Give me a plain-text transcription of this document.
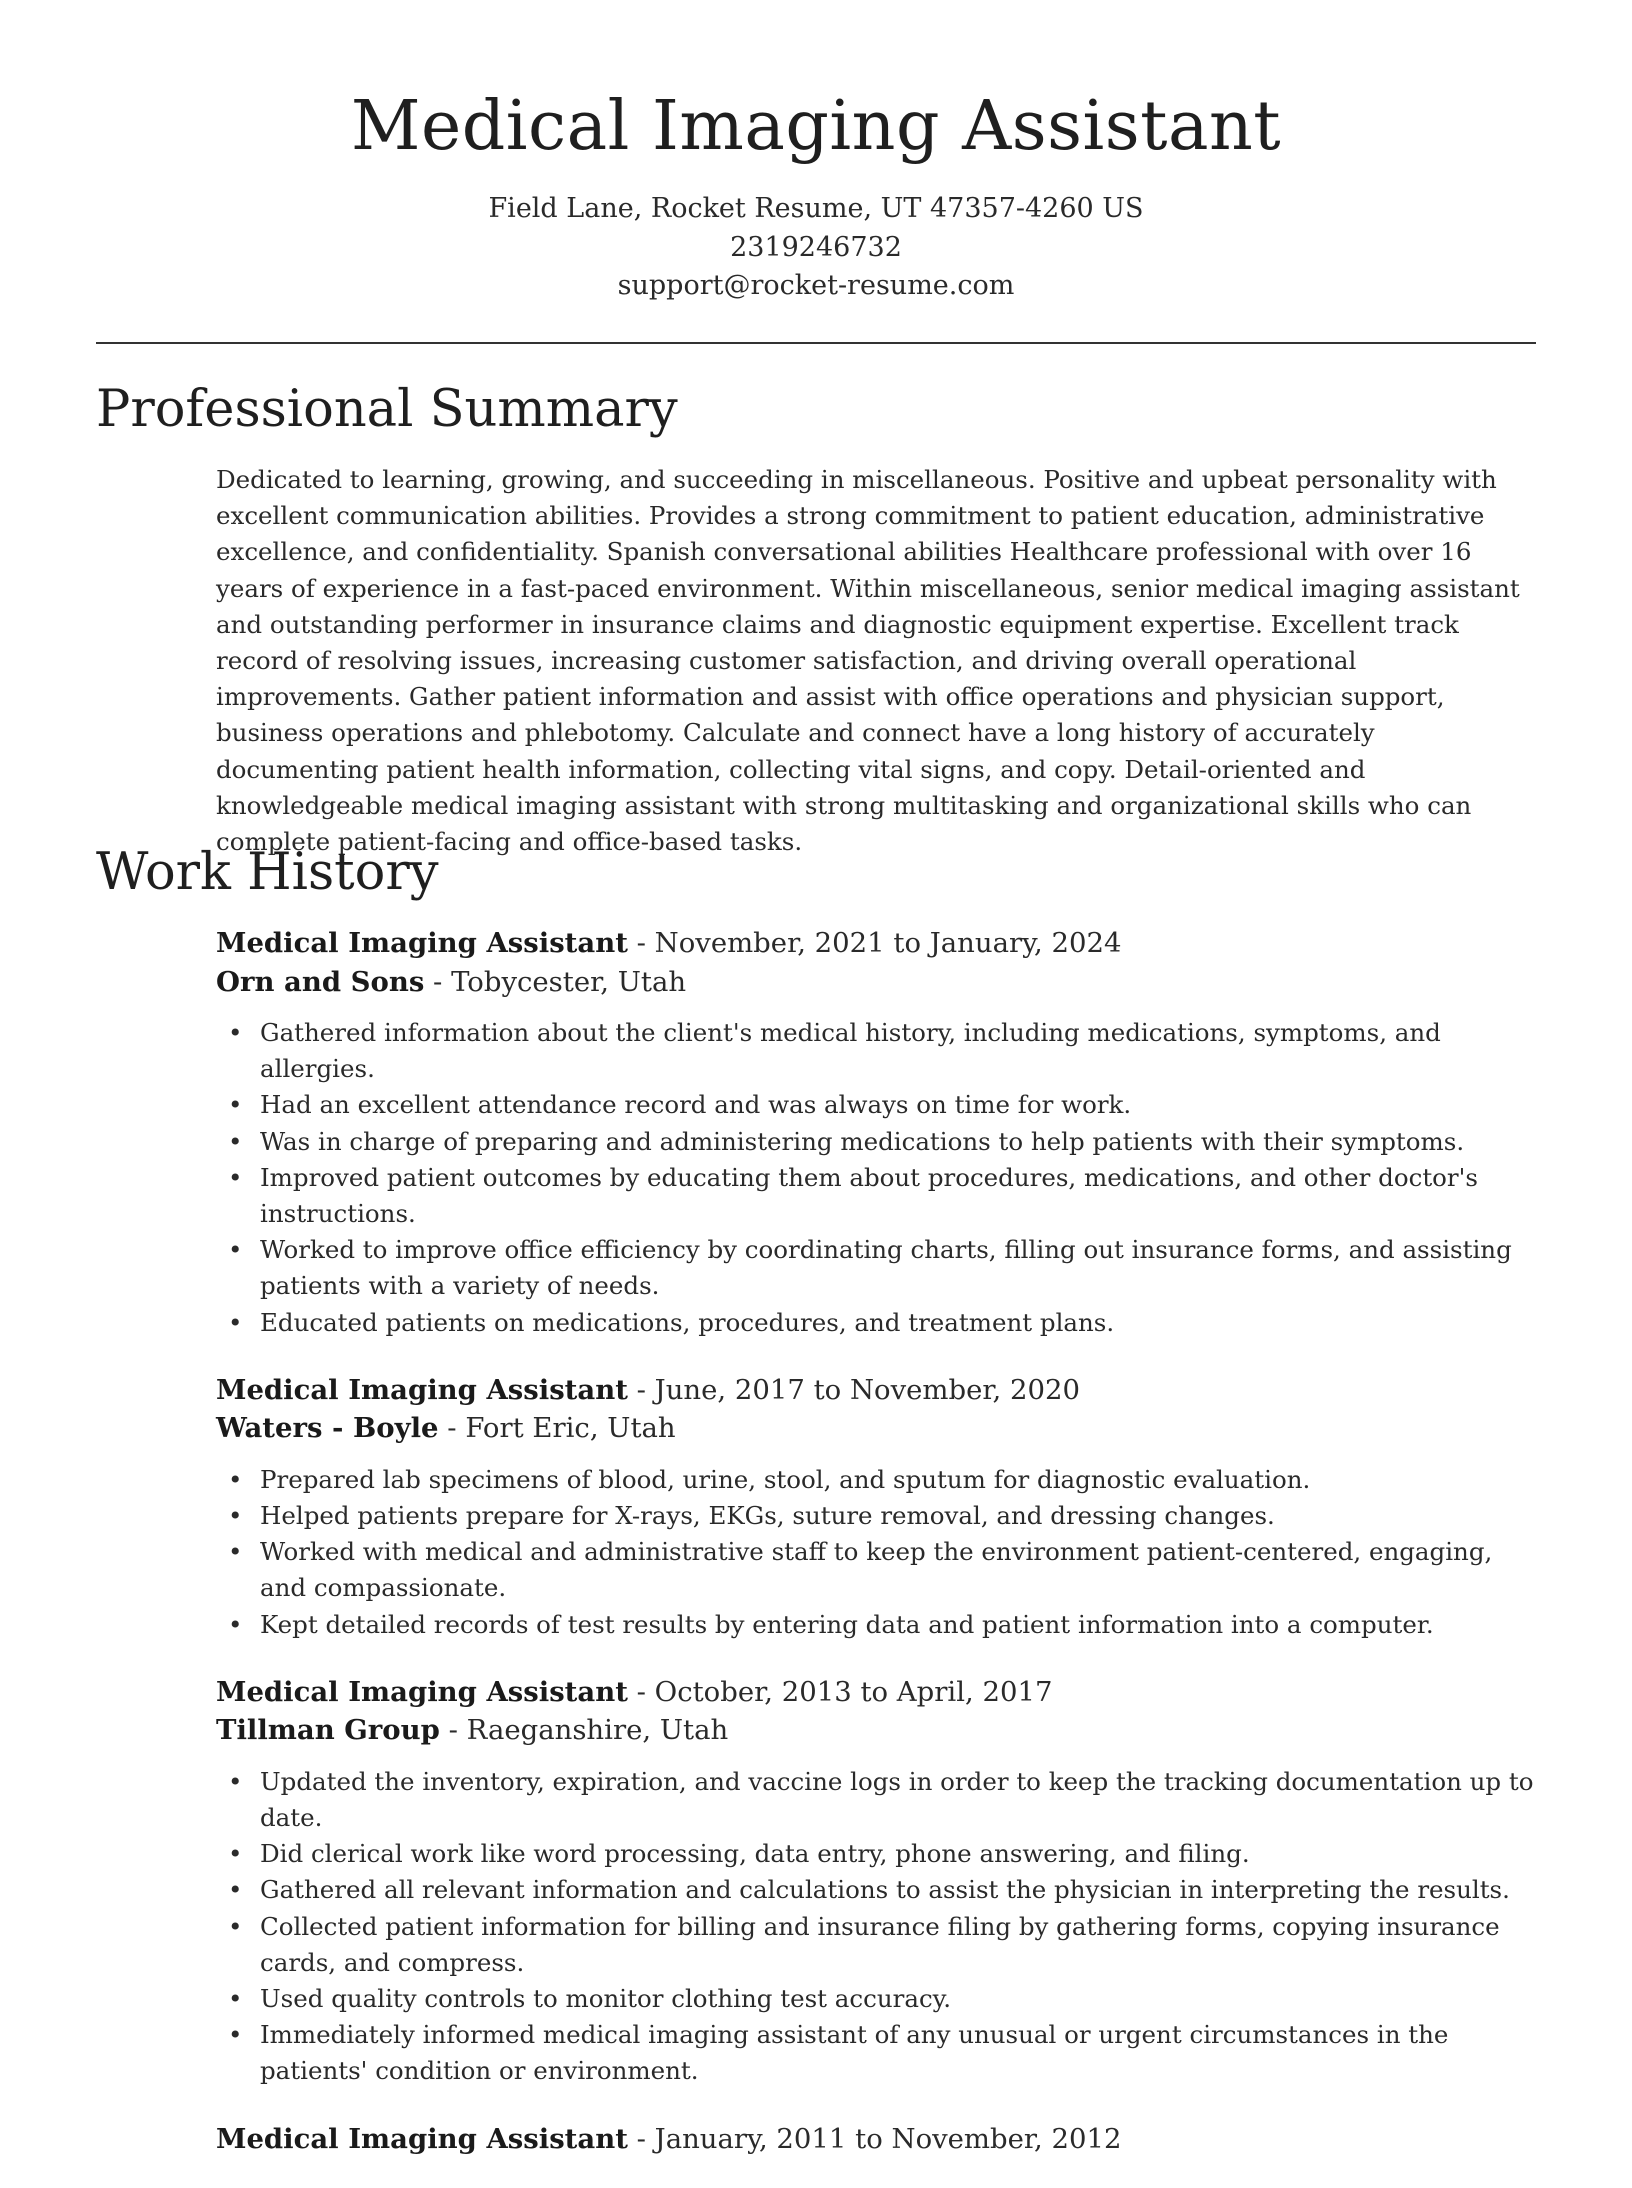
Medical Imaging Assistant
Field Lane, Rocket Resume, UT 47357-4260 US
2319246732
support@rocket-resume.com
Professional Summary

Dedicated to learning, growing, and succeeding in miscellaneous. Positive and upbeat personality with excellent communication abilities. Provides a strong commitment to patient education, administrative excellence, and confidentiality. Spanish conversational abilities Healthcare professional with over 16 years of experience in a fast-paced environment. Within miscellaneous, senior medical imaging assistant and outstanding performer in insurance claims and diagnostic equipment expertise. Excellent track record of resolving issues, increasing customer satisfaction, and driving overall operational improvements. Gather patient information and assist with office operations and physician support, business operations and phlebotomy. Calculate and connect have a long history of accurately documenting patient health information, collecting vital signs, and copy. Detail-oriented and knowledgeable medical imaging assistant with strong multitasking and organizational skills who can complete patient-facing and office-based tasks.

Work History
Medical Imaging Assistant - November, 2021 to January, 2024
Orn and Sons - Tobycester, Utah
• Gathered information about the client's medical history, including medications, symptoms, and allergies.
• Had an excellent attendance record and was always on time for work.
• Was in charge of preparing and administering medications to help patients with their symptoms.
• Improved patient outcomes by educating them about procedures, medications, and other doctor's instructions.
• Worked to improve office efficiency by coordinating charts, filling out insurance forms, and assisting patients with a variety of needs.
• Educated patients on medications, procedures, and treatment plans.
Medical Imaging Assistant - June, 2017 to November, 2020
Waters - Boyle - Fort Eric, Utah
• Prepared lab specimens of blood, urine, stool, and sputum for diagnostic evaluation.
• Helped patients prepare for X-rays, EKGs, suture removal, and dressing changes.
• Worked with medical and administrative staff to keep the environment patient-centered, engaging, and compassionate.
• Kept detailed records of test results by entering data and patient information into a computer.
Medical Imaging Assistant - October, 2013 to April, 2017
Tillman Group - Raeganshire, Utah
• Updated the inventory, expiration, and vaccine logs in order to keep the tracking documentation up to date.
• Did clerical work like word processing, data entry, phone answering, and filing.
• Gathered all relevant information and calculations to assist the physician in interpreting the results.
• Collected patient information for billing and insurance filing by gathering forms, copying insurance cards, and compress.
• Used quality controls to monitor clothing test accuracy.
• Immediately informed medical imaging assistant of any unusual or urgent circumstances in the patients' condition or environment.
Medical Imaging Assistant - January, 2011 to November, 2012
